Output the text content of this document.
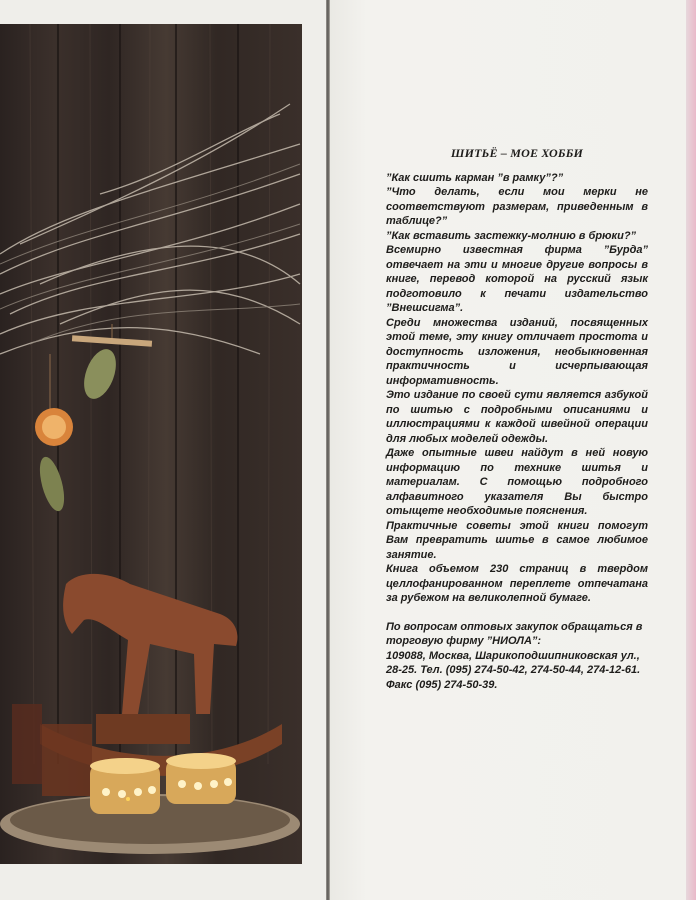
ШИТЬЁ – МОЕ ХОББИ

”Как сшить карман ”в рамку”?”

”Что делать, если мои мерки не соответствуют размерам, приведенным в таблице?”

”Как вставить застежку-молнию в брюки?”

Всемирно известная фирма ”Бурда” отвечает на эти и многие другие вопросы в книге, перевод которой на русский язык подготовило к печати издательство ”Внешсигма”.

Среди множества изданий, посвященных этой теме, эту книгу отличает простота и доступность изложения, необыкновенная практичность и исчерпывающая информативность.

Это издание по своей сути является азбукой по шитью с подробными описаниями и иллюстрациями к каждой швейной операции для любых моделей одежды.

Даже опытные швеи найдут в ней новую информацию по технике шитья и материалам. С помощью подробного алфавитного указателя Вы быстро отыщете необходимые пояснения.

Практичные советы этой книги помогут Вам превратить шитье в самое любимое занятие.

Книга объемом 230 страниц в твердом целлофанированном переплете отпечатана за рубежом на великолепной бумаге.

По вопросам оптовых закупок обращаться в торговую фирму ”НИОЛА”:

109088, Москва, Шарикоподшипниковская ул., 28-25. Тел. (095) 274-50-42, 274-50-44, 274-12-61. Факс (095) 274-50-39.
